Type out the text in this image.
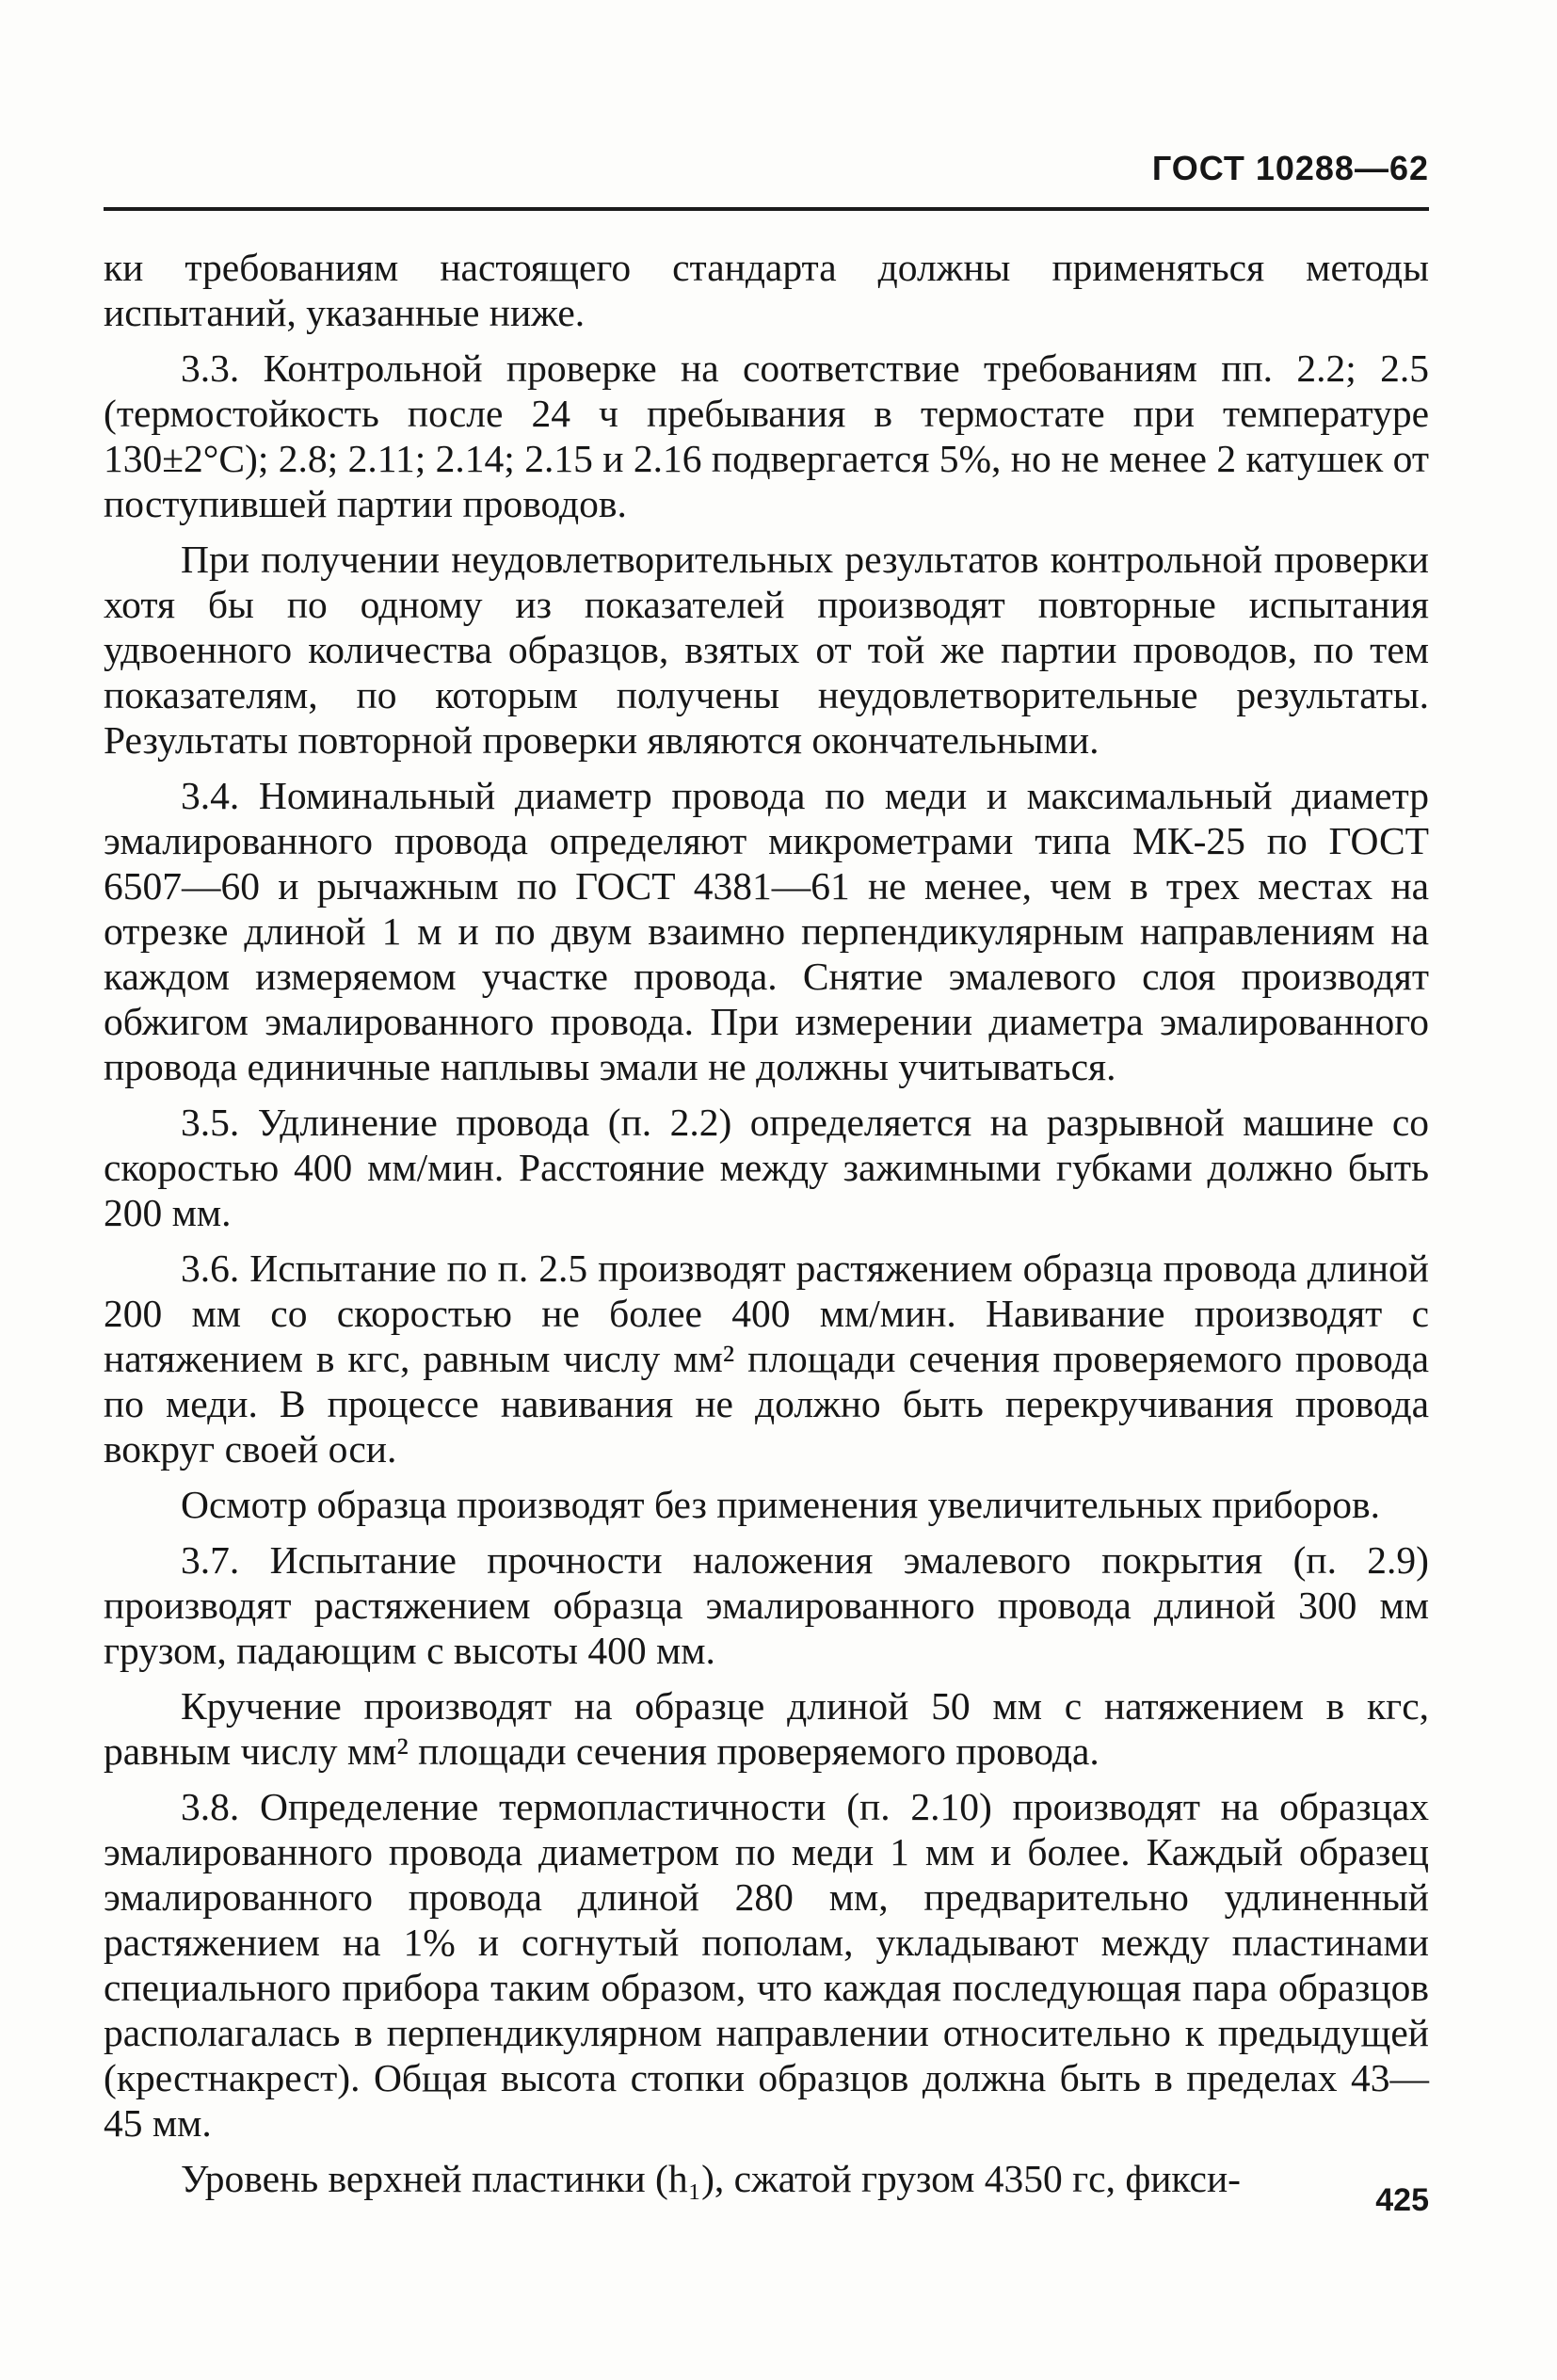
ГОСТ 10288—62

ки требованиям настоящего стандарта должны применяться методы испытаний, указанные ниже.

3.3. Контрольной проверке на соответствие требованиям пп. 2.2; 2.5 (термостойкость после 24 ч пребывания в термостате при температуре 130±2°С); 2.8; 2.11; 2.14; 2.15 и 2.16 подвергается 5%, но не менее 2 катушек от поступившей партии проводов.

При получении неудовлетворительных результатов контрольной проверки хотя бы по одному из показателей производят повторные испытания удвоенного количества образцов, взятых от той же партии проводов, по тем показателям, по которым получены неудовлетворительные результаты. Результаты повторной проверки являются окончательными.

3.4. Номинальный диаметр провода по меди и максимальный диаметр эмалированного провода определяют микрометрами типа МК-25 по ГОСТ 6507—60 и рычажным по ГОСТ 4381—61 не менее, чем в трех местах на отрезке длиной 1 м и по двум взаимно перпендикулярным направлениям на каждом измеряемом участке провода. Снятие эмалевого слоя производят обжигом эмалированного провода. При измерении диаметра эмалированного провода единичные наплывы эмали не должны учитываться.

3.5. Удлинение провода (п. 2.2) определяется на разрывной машине со скоростью 400 мм/мин. Расстояние между зажимными губками должно быть 200 мм.

3.6. Испытание по п. 2.5 производят растяжением образца провода длиной 200 мм со скоростью не более 400 мм/мин. Навивание производят с натяжением в кгс, равным числу мм² площади сечения проверяемого провода по меди. В процессе навивания не должно быть перекручивания провода вокруг своей оси.

Осмотр образца производят без применения увеличительных приборов.

3.7. Испытание прочности наложения эмалевого покрытия (п. 2.9) производят растяжением образца эмалированного провода длиной 300 мм грузом, падающим с высоты 400 мм.

Кручение производят на образце длиной 50 мм с натяжением в кгс, равным числу мм² площади сечения проверяемого провода.

3.8. Определение термопластичности (п. 2.10) производят на образцах эмалированного провода диаметром по меди 1 мм и более. Каждый образец эмалированного провода длиной 280 мм, предварительно удлиненный растяжением на 1% и согнутый пополам, укладывают между пластинами специального прибора таким образом, что каждая последующая пара образцов располагалась в перпендикулярном направлении относительно к предыдущей (крестнакрест). Общая высота стопки образцов должна быть в пределах 43—45 мм.

Уровень верхней пластинки (h₁), сжатой грузом 4350 гс, фикси-	425
